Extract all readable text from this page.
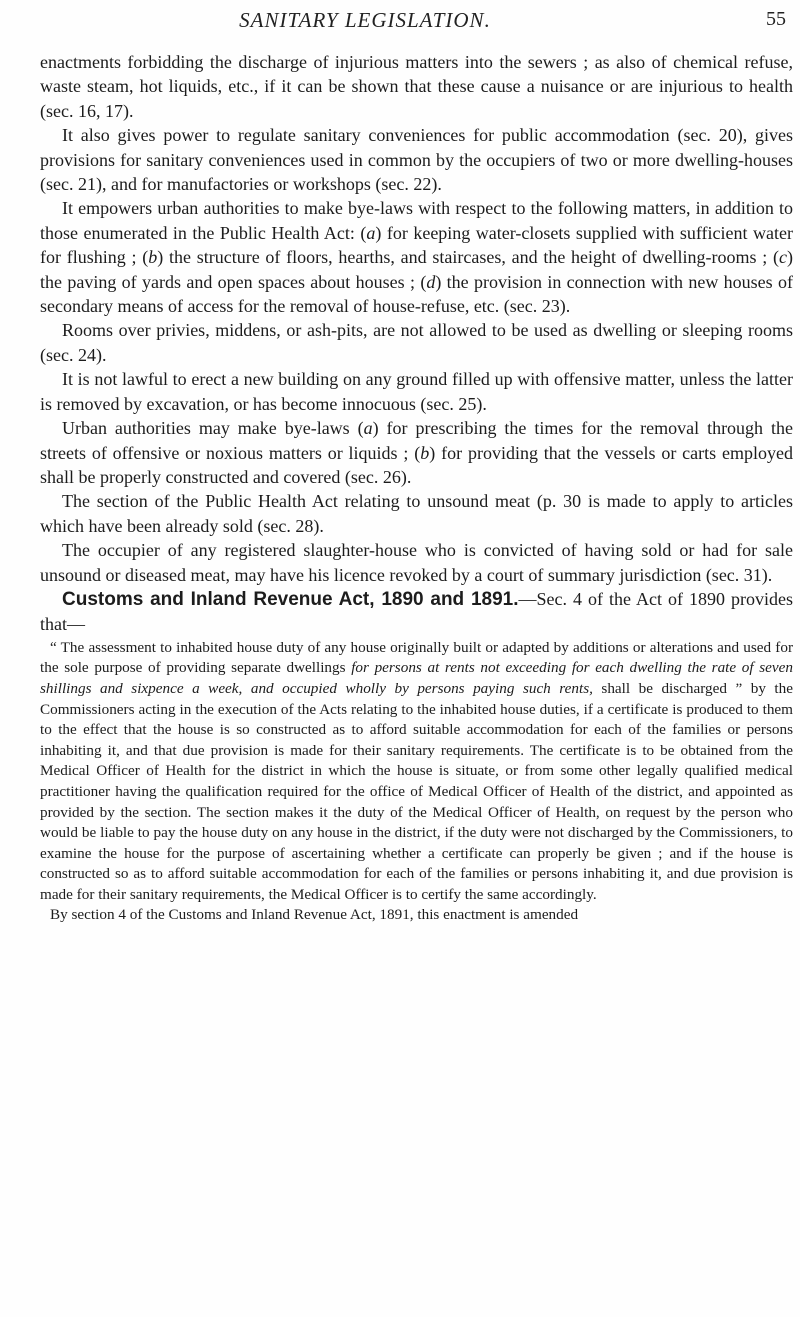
SANITARY LEGISLATION.	55

enactments forbidding the discharge of injurious matters into the sewers ; as also of chemical refuse, waste steam, hot liquids, etc., if it can be shown that these cause a nuisance or are injurious to health (sec. 16, 17).

It also gives power to regulate sanitary conveniences for public accommodation (sec. 20), gives provisions for sanitary conveniences used in common by the occupiers of two or more dwelling-houses (sec. 21), and for manufactories or workshops (sec. 22).

It empowers urban authorities to make bye-laws with respect to the following matters, in addition to those enumerated in the Public Health Act: (a) for keeping water-closets supplied with sufficient water for flushing ; (b) the structure of floors, hearths, and staircases, and the height of dwelling-rooms ; (c) the paving of yards and open spaces about houses ; (d) the provision in connection with new houses of secondary means of access for the removal of house-refuse, etc. (sec. 23).

Rooms over privies, middens, or ash-pits, are not allowed to be used as dwelling or sleeping rooms (sec. 24).

It is not lawful to erect a new building on any ground filled up with offensive matter, unless the latter is removed by excavation, or has become innocuous (sec. 25).

Urban authorities may make bye-laws (a) for prescribing the times for the removal through the streets of offensive or noxious matters or liquids ; (b) for providing that the vessels or carts employed shall be properly constructed and covered (sec. 26).

The section of the Public Health Act relating to unsound meat (p. 30 is made to apply to articles which have been already sold (sec. 28).

The occupier of any registered slaughter-house who is convicted of having sold or had for sale unsound or diseased meat, may have his licence revoked by a court of summary jurisdiction (sec. 31).

Customs and Inland Revenue Act, 1890 and 1891.—Sec. 4 of the Act of 1890 provides that—

“ The assessment to inhabited house duty of any house originally built or adapted by additions or alterations and used for the sole purpose of providing separate dwellings for persons at rents not exceeding for each dwelling the rate of seven shillings and sixpence a week, and occupied wholly by persons paying such rents, shall be discharged ” by the Commissioners acting in the execution of the Acts relating to the inhabited house duties, if a certificate is produced to them to the effect that the house is so constructed as to afford suitable accommodation for each of the families or persons inhabiting it, and that due provision is made for their sanitary requirements. The certificate is to be obtained from the Medical Officer of Health for the district in which the house is situate, or from some other legally qualified medical practitioner having the qualification required for the office of Medical Officer of Health of the district, and appointed as provided by the section. The section makes it the duty of the Medical Officer of Health, on request by the person who would be liable to pay the house duty on any house in the district, if the duty were not discharged by the Commissioners, to examine the house for the purpose of ascertaining whether a certificate can properly be given ; and if the house is constructed so as to afford suitable accommodation for each of the families or persons inhabiting it, and due provision is made for their sanitary requirements, the Medical Officer is to certify the same accordingly.

By section 4 of the Customs and Inland Revenue Act, 1891, this enactment is amended
